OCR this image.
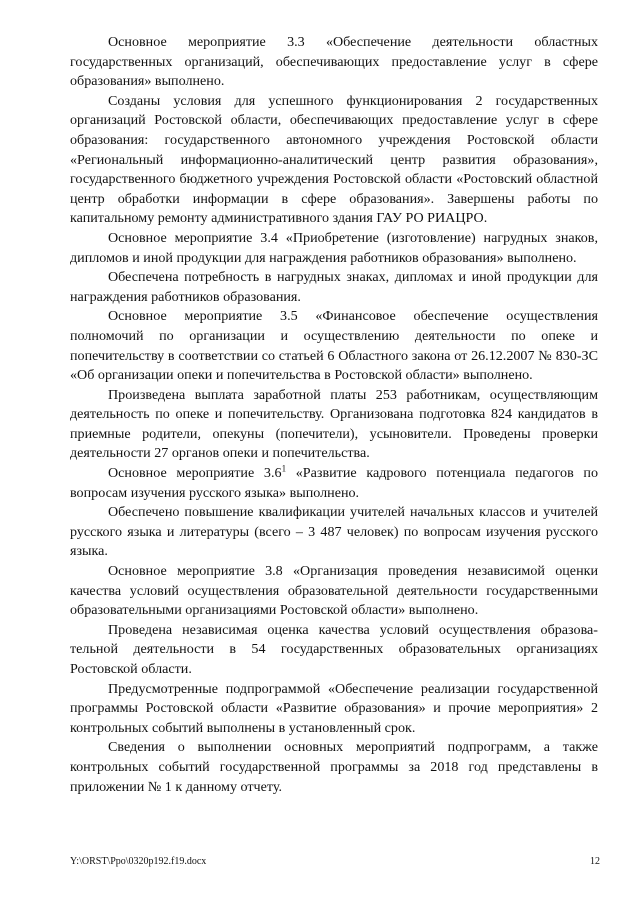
Основное мероприятие 3.3 «Обеспечение деятельности областных государственных организаций, обеспечивающих предоставление услуг в сфере образования» выполнено.

Созданы условия для успешного функционирования 2 государственных организаций Ростовской области, обеспечивающих предоставление услуг в сфере образования: государственного автономного учреждения Ростовской области «Региональный информационно-аналитический центр развития образования», государственного бюджетного учреждения Ростовской области «Ростовский областной центр обработки информации в сфере образования». Завершены работы по капитальному ремонту административного здания ГАУ РО РИАЦРО.

Основное мероприятие 3.4 «Приобретение (изготовление) нагрудных знаков, дипломов и иной продукции для награждения работников образования» выполнено.

Обеспечена потребность в нагрудных знаках, дипломах и иной продукции для награждения работников образования.

Основное мероприятие 3.5 «Финансовое обеспечение осуществления полномочий по организации и осуществлению деятельности по опеке и попечительству в соответствии со статьей 6 Областного закона от 26.12.2007 № 830-ЗС «Об организации опеки и попечительства в Ростовской области» выполнено.

Произведена выплата заработной платы 253 работникам, осуществляющим деятельность по опеке и попечительству. Организована подготовка 824 кандидатов в приемные родители, опекуны (попечители), усыновители. Проведены проверки деятельности 27 органов опеки и попечительства.

Основное мероприятие $3.6^1$ «Развитие кадрового потенциала педагогов по вопросам изучения русского языка» выполнено.

Обеспечено повышение квалификации учителей начальных классов и учителей русского языка и литературы (всего – 3 487 человек) по вопросам изучения русского языка.

Основное мероприятие 3.8 «Организация проведения независимой оценки качества условий осуществления образовательной деятельности государственными образовательными организациями Ростовской области» выполнено.

Проведена независимая оценка качества условий осуществления образовательной деятельности в 54 государственных образовательных организациях Ростовской области.

Предусмотренные подпрограммой «Обеспечение реализации государственной программы Ростовской области «Развитие образования» и прочие мероприятия» 2 контрольных событий выполнены в установленный срок.

Сведения о выполнении основных мероприятий подпрограмм, а также контрольных событий государственной программы за 2018 год представлены в приложении № 1 к данному отчету.

Y:\ORST\Ppo\0320p192.f19.docx	12
